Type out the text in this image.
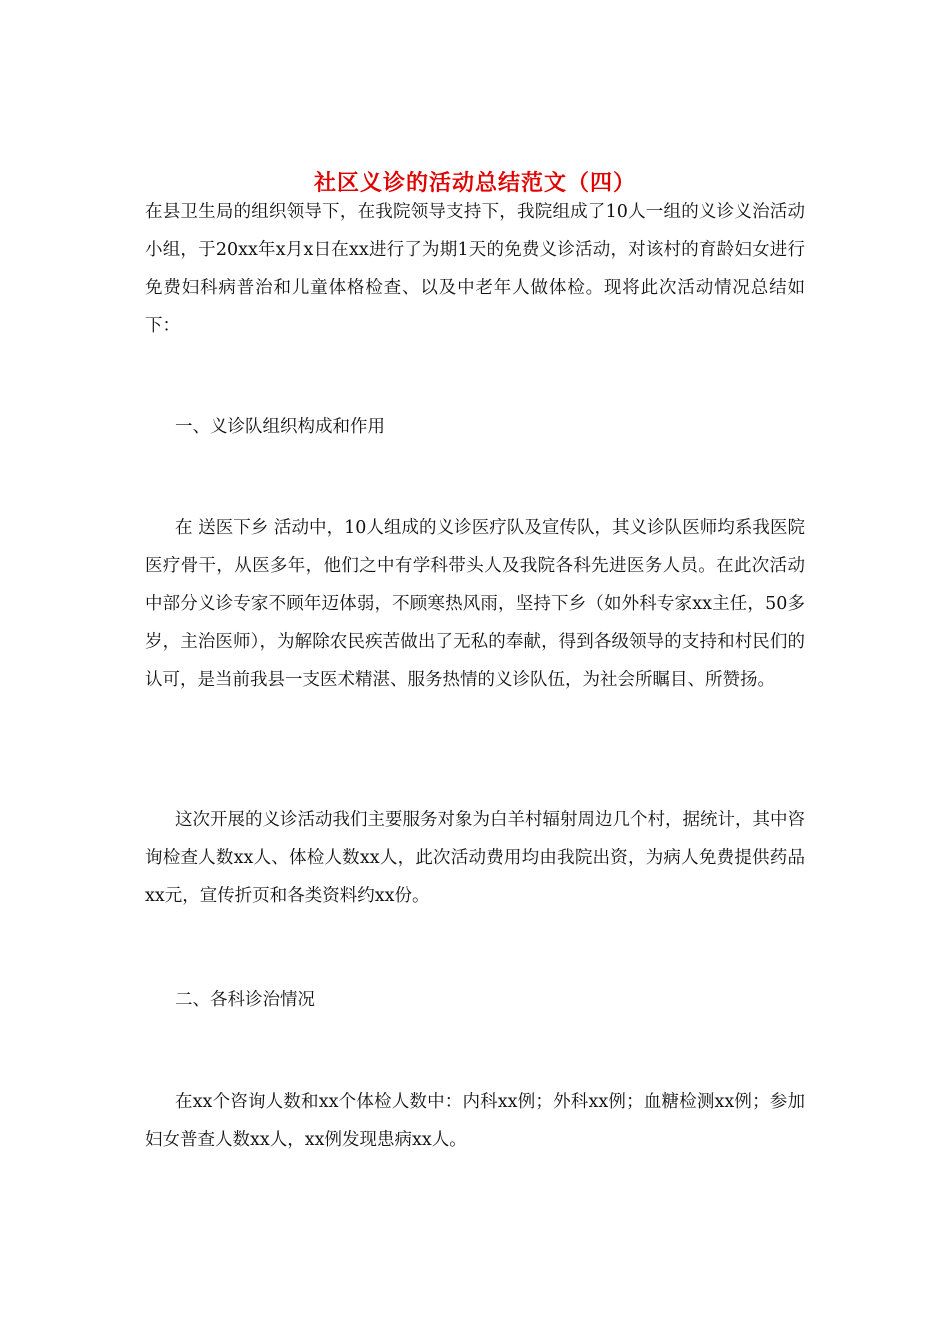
社区义诊的活动总结范文（四）

在县卫生局的组织领导下，在我院领导支持下，我院组成了10人一组的义诊义治活动小组，于20xx年x月x日在xx进行了为期1天的免费义诊活动，对该村的育龄妇女进行免费妇科病普治和儿童体格检查、以及中老年人做体检。现将此次活动情况总结如下：

一、义诊队组织构成和作用

在 送医下乡 活动中，10人组成的义诊医疗队及宣传队，其义诊队医师均系我医院医疗骨干，从医多年，他们之中有学科带头人及我院各科先进医务人员。在此次活动中部分义诊专家不顾年迈体弱，不顾寒热风雨，坚持下乡（如外科专家xx主任，50多岁，主治医师），为解除农民疾苦做出了无私的奉献，得到各级领导的支持和村民们的认可，是当前我县一支医术精湛、服务热情的义诊队伍，为社会所瞩目、所赞扬。

这次开展的义诊活动我们主要服务对象为白羊村辐射周边几个村，据统计，其中咨询检查人数xx人、体检人数xx人，此次活动费用均由我院出资，为病人免费提供药品xx元，宣传折页和各类资料约xx份。

二、各科诊治情况

在xx个咨询人数和xx个体检人数中：内科xx例；外科xx例；血糖检测xx例；参加妇女普查人数xx人，xx例发现患病xx人。
